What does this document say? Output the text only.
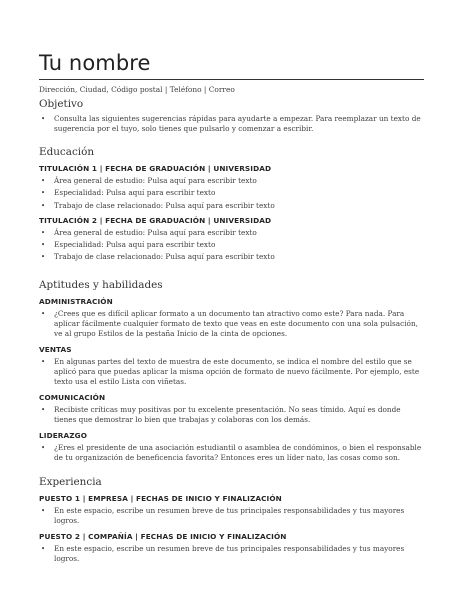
Tu nombre
Dirección, Ciudad, Código postal | Teléfono | Correo
Objetivo
• Consulta las siguientes sugerencias rápidas para ayudarte a empezar. Para reemplazar un texto de sugerencia por el tuyo, solo tienes que pulsarlo y comenzar a escribir.
Educación
TITULACIÓN 1 | FECHA DE GRADUACIÓN | UNIVERSIDAD
• Área general de estudio: Pulsa aquí para escribir texto
• Especialidad: Pulsa aquí para escribir texto
• Trabajo de clase relacionado: Pulsa aquí para escribir texto
TITULACIÓN 2 | FECHA DE GRADUACIÓN | UNIVERSIDAD
• Área general de estudio: Pulsa aquí para escribir texto
• Especialidad: Pulsa aquí para escribir texto
• Trabajo de clase relacionado: Pulsa aquí para escribir texto
Aptitudes y habilidades
ADMINISTRACIÓN
• ¿Crees que es difícil aplicar formato a un documento tan atractivo como este? Para nada. Para aplicar fácilmente cualquier formato de texto que veas en este documento con una sola pulsación, ve al grupo Estilos de la pestaña Inicio de la cinta de opciones.
VENTAS
• En algunas partes del texto de muestra de este documento, se indica el nombre del estilo que se aplicó para que puedas aplicar la misma opción de formato de nuevo fácilmente. Por ejemplo, este texto usa el estilo Lista con viñetas.
COMUNICACIÓN
• Recibiste críticas muy positivas por tu excelente presentación. No seas tímido. Aquí es donde tienes que demostrar lo bien que trabajas y colaboras con los demás.
LIDERAZGO
• ¿Eres el presidente de una asociación estudiantil o asamblea de condóminos, o bien el responsable de tu organización de beneficencia favorita? Entonces eres un líder nato, las cosas como son.
Experiencia
PUESTO 1 | EMPRESA | FECHAS DE INICIO Y FINALIZACIÓN
• En este espacio, escribe un resumen breve de tus principales responsabilidades y tus mayores logros.
PUESTO 2 | COMPAÑÍA | FECHAS DE INICIO Y FINALIZACIÓN
• En este espacio, escribe un resumen breve de tus principales responsabilidades y tus mayores logros.
